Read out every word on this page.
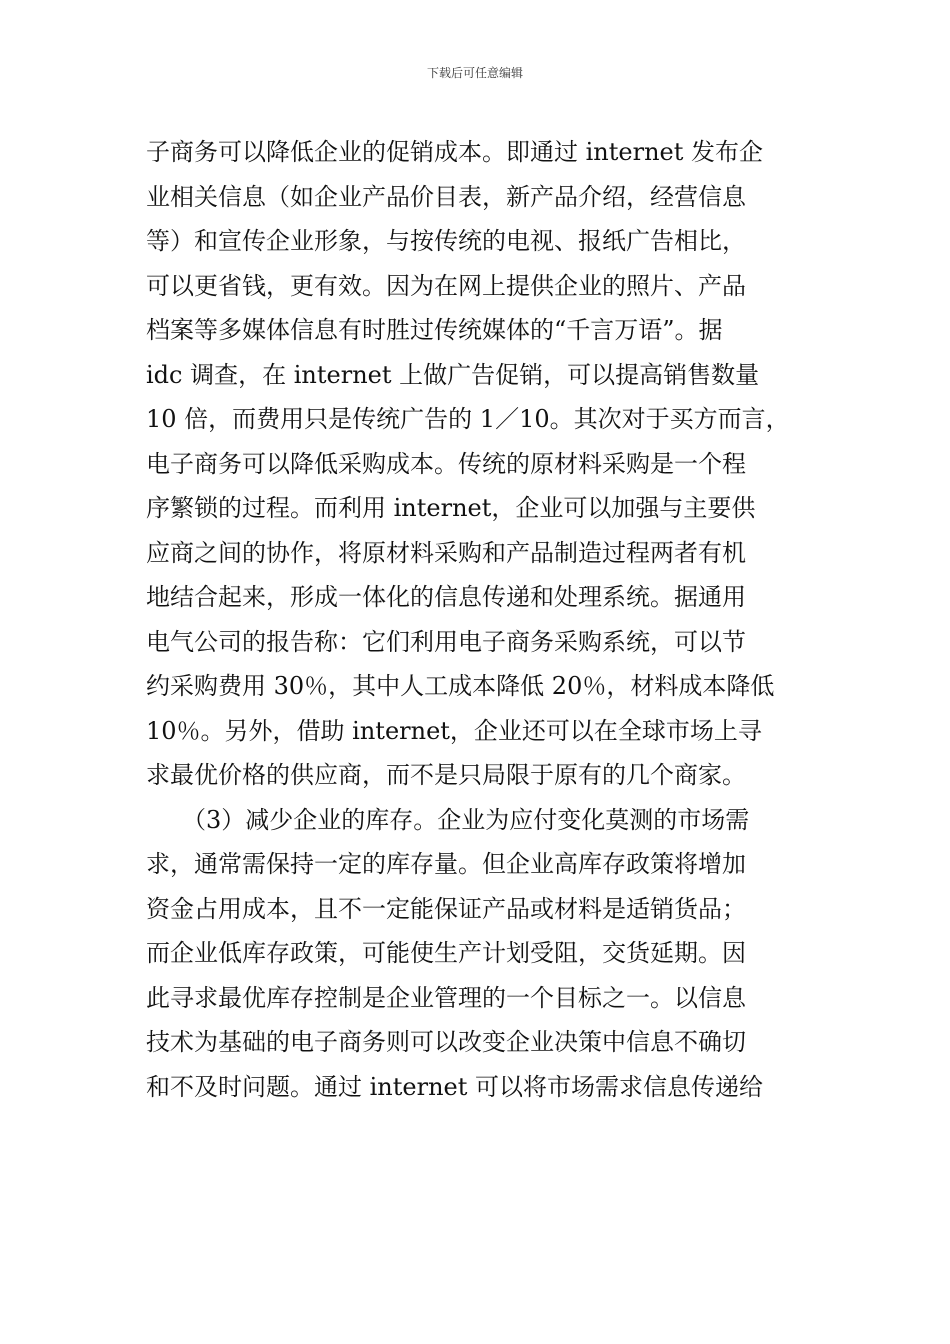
下载后可任意编辑
子商务可以降低企业的促销成本。即通过 internet 发布企
业相关信息（如企业产品价目表，新产品介绍，经营信息
等）和宣传企业形象，与按传统的电视、报纸广告相比，
可以更省钱，更有效。因为在网上提供企业的照片、产品
档案等多媒体信息有时胜过传统媒体的“千言万语”。据
idc 调查，在 internet 上做广告促销，可以提高销售数量
10 倍，而费用只是传统广告的 1／10。其次对于买方而言，
电子商务可以降低采购成本。传统的原材料采购是一个程
序繁锁的过程。而利用 internet，企业可以加强与主要供
应商之间的协作，将原材料采购和产品制造过程两者有机
地结合起来，形成一体化的信息传递和处理系统。据通用
电气公司的报告称：它们利用电子商务采购系统，可以节
约采购费用 30％，其中人工成本降低 20％，材料成本降低
10％。另外，借助 internet，企业还可以在全球市场上寻
求最优价格的供应商，而不是只局限于原有的几个商家。
　　（3）减少企业的库存。企业为应付变化莫测的市场需
求，通常需保持一定的库存量。但企业高库存政策将增加
资金占用成本，且不一定能保证产品或材料是适销货品；
而企业低库存政策，可能使生产计划受阻，交货延期。因
此寻求最优库存控制是企业管理的一个目标之一。以信息
技术为基础的电子商务则可以改变企业决策中信息不确切
和不及时问题。通过 internet 可以将市场需求信息传递给
